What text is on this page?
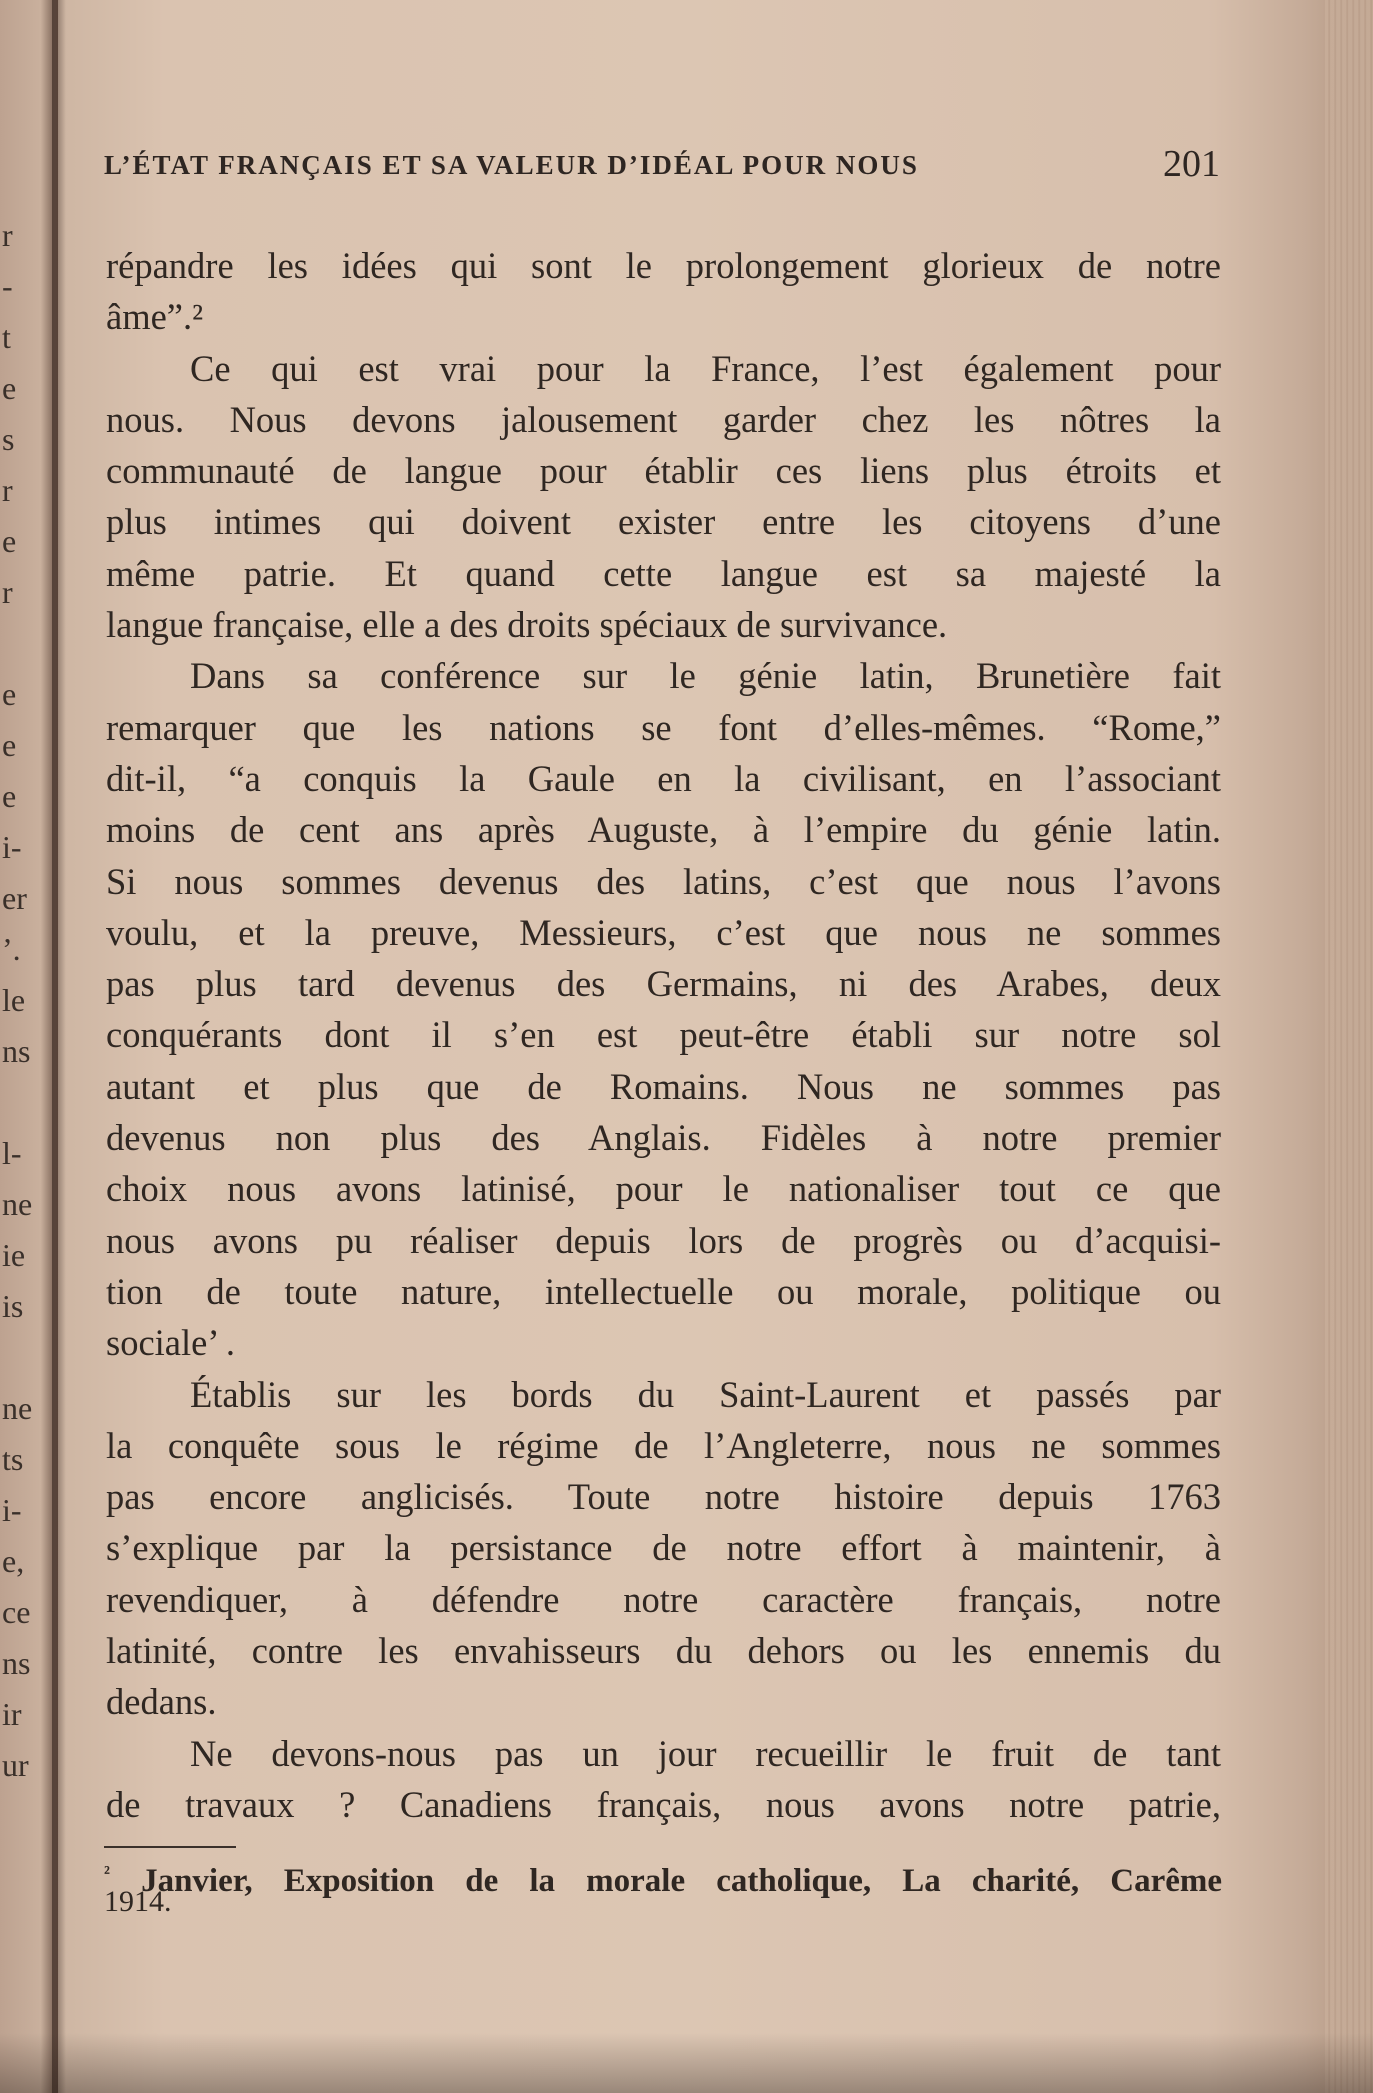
r
-
t
e
s
r
e
r
e
e
e
i-
er
’.
le
ns
l-
ne
ie
is
ne
ts
i-
e,
ce
ns
ir
ur
L’ÉTAT FRANÇAIS ET SA VALEUR D’IDÉAL POUR NOUS	201
répandre les idées qui sont le prolongement glorieux de notre
âme”.²
Ce qui est vrai pour la France, l’est également pour
nous. Nous devons jalousement garder chez les nôtres la
communauté de langue pour établir ces liens plus étroits et
plus intimes qui doivent exister entre les citoyens d’une
même patrie. Et quand cette langue est sa majesté la
langue française, elle a des droits spéciaux de survivance.
Dans sa conférence sur le génie latin, Brunetière fait
remarquer que les nations se font d’elles-mêmes. “Rome,”
dit-il, “a conquis la Gaule en la civilisant, en l’associant
moins de cent ans après Auguste, à l’empire du génie latin.
Si nous sommes devenus des latins, c’est que nous l’avons
voulu, et la preuve, Messieurs, c’est que nous ne sommes
pas plus tard devenus des Germains, ni des Arabes, deux
conquérants dont il s’en est peut-être établi sur notre sol
autant et plus que de Romains. Nous ne sommes pas
devenus non plus des Anglais. Fidèles à notre premier
choix nous avons latinisé, pour le nationaliser tout ce que
nous avons pu réaliser depuis lors de progrès ou d’acquisi-
tion de toute nature, intellectuelle ou morale, politique ou
sociale’ .
Établis sur les bords du Saint-Laurent et passés par
la conquête sous le régime de l’Angleterre, nous ne sommes
pas encore anglicisés. Toute notre histoire depuis 1763
s’explique par la persistance de notre effort à maintenir, à
revendiquer, à défendre notre caractère français, notre
latinité, contre les envahisseurs du dehors ou les ennemis du
dedans.
Ne devons-nous pas un jour recueillir le fruit de tant
de travaux ? Canadiens français, nous avons notre patrie,
$^{^2}$ Janvier, Exposition de la morale catholique, La charité, Carême
1914.
